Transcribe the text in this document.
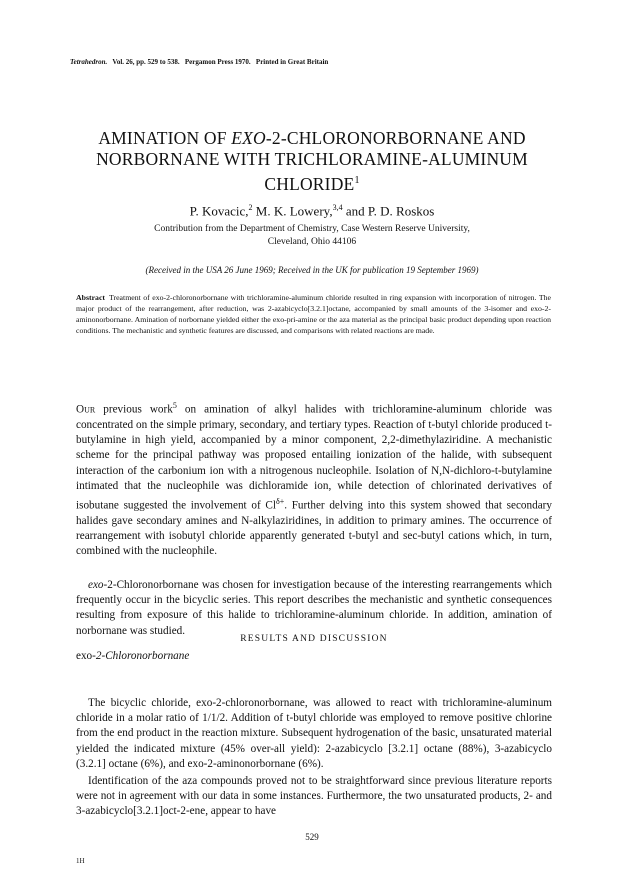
Tetrahedron. Vol. 26, pp. 529 to 538. Pergamon Press 1970. Printed in Great Britain
AMINATION OF EXO-2-CHLORONORBORNANE AND
NORBORNANE WITH TRICHLORAMINE-ALUMINUM
CHLORIDE$^1$
P. Kovacic,$^2$ M. K. Lowery,$^{3,4}$ and P. D. Roskos
Contribution from the Department of Chemistry, Case Western Reserve University,
Cleveland, Ohio 44106
(Received in the USA 26 June 1969; Received in the UK for publication 19 September 1969)

Abstract Treatment of exo-2-chloronorbornane with trichloramine-aluminum chloride resulted in ring expansion with incorporation of nitrogen. The major product of the rearrangement, after reduction, was 2-azabicyclo[3.2.1]octane, accompanied by small amounts of the 3-isomer and exo-2-aminonorbornane. Amination of norbornane yielded either the exo-pri-amine or the aza material as the principal basic product depending upon reaction conditions. The mechanistic and synthetic features are discussed, and comparisons with related reactions are made.

Our previous work$^5$ on amination of alkyl halides with trichloramine-aluminum chloride was concentrated on the simple primary, secondary, and tertiary types. Reaction of t-butyl chloride produced t-butylamine in high yield, accompanied by a minor component, 2,2-dimethylaziridine. A mechanistic scheme for the principal pathway was proposed entailing ionization of the halide, with subsequent interaction of the carbonium ion with a nitrogenous nucleophile. Isolation of N,N-dichloro-t-butylamine intimated that the nucleophile was dichloramide ion, while detection of chlorinated derivatives of isobutane suggested the involvement of $Cl^{\delta+}$. Further delving into this system showed that secondary halides gave secondary amines and N-alkylaziridines, in addition to primary amines. The occurrence of rearrangement with isobutyl chloride apparently generated t-butyl and sec-butyl cations which, in turn, combined with the nucleophile.

exo-2-Chloronorbornane was chosen for investigation because of the interesting rearrangements which frequently occur in the bicyclic series. This report describes the mechanistic and synthetic consequences resulting from exposure of this halide to trichloramine-aluminum chloride. In addition, amination of norbornane was studied.

RESULTS AND DISCUSSION

exo-2-Chloronorbornane

The bicyclic chloride, exo-2-chloronorbornane, was allowed to react with trichloramine-aluminum chloride in a molar ratio of 1/1/2. Addition of t-butyl chloride was employed to remove positive chlorine from the end product in the reaction mixture. Subsequent hydrogenation of the basic, unsaturated material yielded the indicated mixture (45% over-all yield): 2-azabicyclo [3.2.1] octane (88%), 3-azabicyclo (3.2.1] octane (6%), and exo-2-aminonorbornane (6%).

Identification of the aza compounds proved not to be straightforward since previous literature reports were not in agreement with our data in some instances. Furthermore, the two unsaturated products, 2- and 3-azabicyclo[3.2.1]oct-2-ene, appear to have

529
1H
